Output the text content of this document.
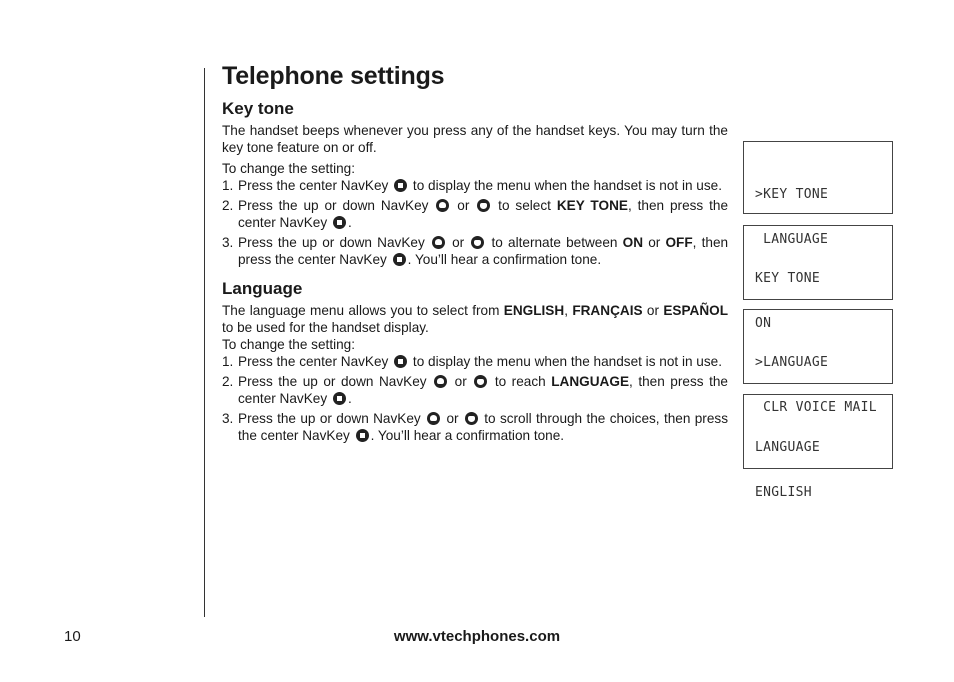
Telephone settings
Key tone

The handset beeps whenever you press any of the handset keys. You may turn the key tone feature on or off.

To change the setting:

1. Press the center NavKey to display the menu when the handset is not in use.
2. Press the up or down NavKey or to select KEY TONE, then press the center NavKey .
3. Press the up or down NavKey or to alternate between ON or OFF, then press the center NavKey . You’ll hear a confirmation tone.
Language

The language menu allows you to select from ENGLISH, FRANÇAIS or ESPAÑOL to be used for the handset display.

To change the setting:

1. Press the center NavKey to display the menu when the handset is not in use.
2. Press the up or down NavKey or to reach LANGUAGE, then press the center NavKey .
3. Press the up or down NavKey or to scroll through the choices, then press the center NavKey . You’ll hear a confirmation tone.

>KEY TONE

LANGUAGE

KEY TONE

ON

>LANGUAGE

CLR VOICE MAIL

LANGUAGE

ENGLISH

10	www.vtechphones.com
